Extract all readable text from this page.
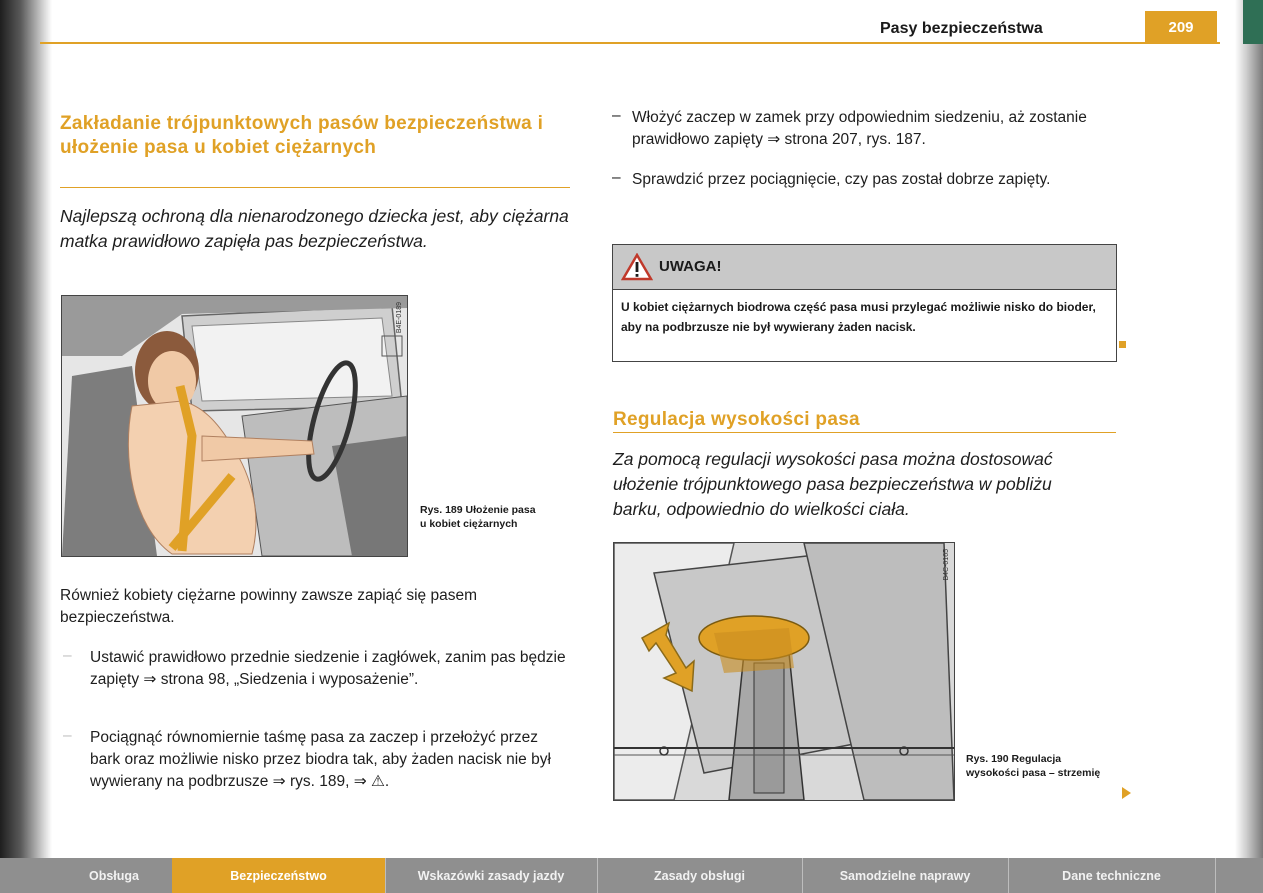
Pasy bezpieczeństwa	209
Zakładanie trójpunktowych pasów bezpieczeństwa i ułożenie pasa u kobiet ciężarnych
Najlepszą ochroną dla nienarodzonego dziecka jest, aby ciężarna matka prawidłowo zapięła pas bezpieczeństwa.
B4E-0189
Rys. 189 Ułożenie pasa u kobiet ciężarnych
Również kobiety ciężarne powinny zawsze zapiąć się pasem bezpieczeństwa.
– Ustawić prawidłowo przednie siedzenie i zagłówek, zanim pas będzie zapięty ⇒ strona 98, „Siedzenia i wyposażenie”.
– Pociągnąć równomiernie taśmę pasa za zaczep i przełożyć przez bark oraz możliwie nisko przez biodra tak, aby żaden nacisk nie był wywierany na podbrzusze ⇒ rys. 189, ⇒ ⚠.
– Włożyć zaczep w zamek przy odpowiednim siedzeniu, aż zostanie prawidłowo zapięty ⇒ strona 207, rys. 187.
– Sprawdzić przez pociągnięcie, czy pas został dobrze zapięty.
UWAGA!
U kobiet ciężarnych biodrowa część pasa musi przylegać możliwie nisko do bioder, aby na podbrzusze nie był wywierany żaden nacisk.
Regulacja wysokości pasa
Za pomocą regulacji wysokości pasa można dostosować ułożenie trójpunktowego pasa bezpieczeństwa w pobliżu barku, odpowiednio do wielkości ciała.
B4C-0165
Rys. 190 Regulacja wysokości pasa – strzemię
Obsługa	Bezpieczeństwo	Wskazówki zasady jazdy	Zasady obsługi	Samodzielne naprawy	Dane techniczne
